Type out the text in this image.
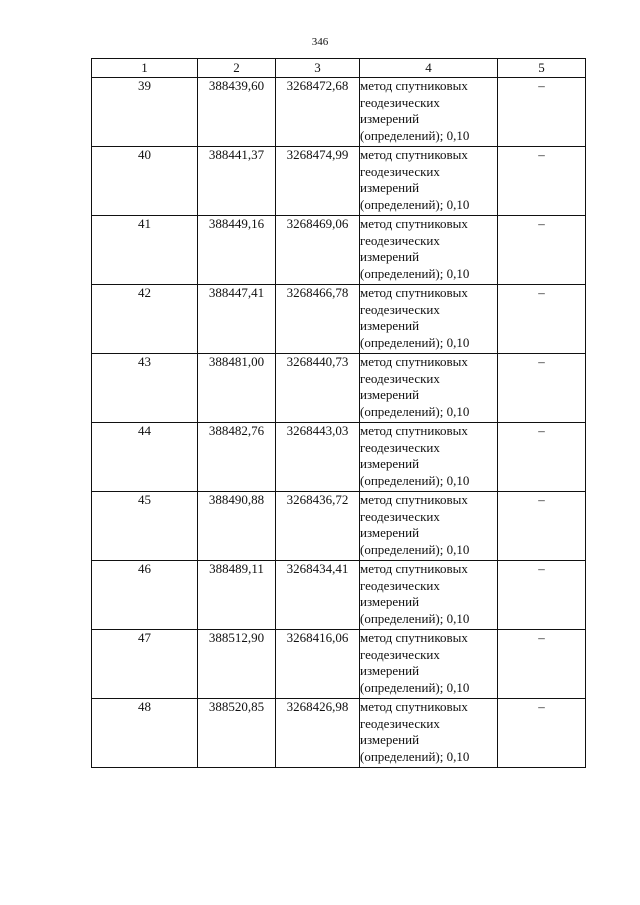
346
1	2	3	4	5
39	388439,60	3268472,68	метод спутниковых
геодезических
измерений
(определений); 0,10	–
40	388441,37	3268474,99	метод спутниковых
геодезических
измерений
(определений); 0,10	–
41	388449,16	3268469,06	метод спутниковых
геодезических
измерений
(определений); 0,10	–
42	388447,41	3268466,78	метод спутниковых
геодезических
измерений
(определений); 0,10	–
43	388481,00	3268440,73	метод спутниковых
геодезических
измерений
(определений); 0,10	–
44	388482,76	3268443,03	метод спутниковых
геодезических
измерений
(определений); 0,10	–
45	388490,88	3268436,72	метод спутниковых
геодезических
измерений
(определений); 0,10	–
46	388489,11	3268434,41	метод спутниковых
геодезических
измерений
(определений); 0,10	–
47	388512,90	3268416,06	метод спутниковых
геодезических
измерений
(определений); 0,10	–
48	388520,85	3268426,98	метод спутниковых
геодезических
измерений
(определений); 0,10	–
